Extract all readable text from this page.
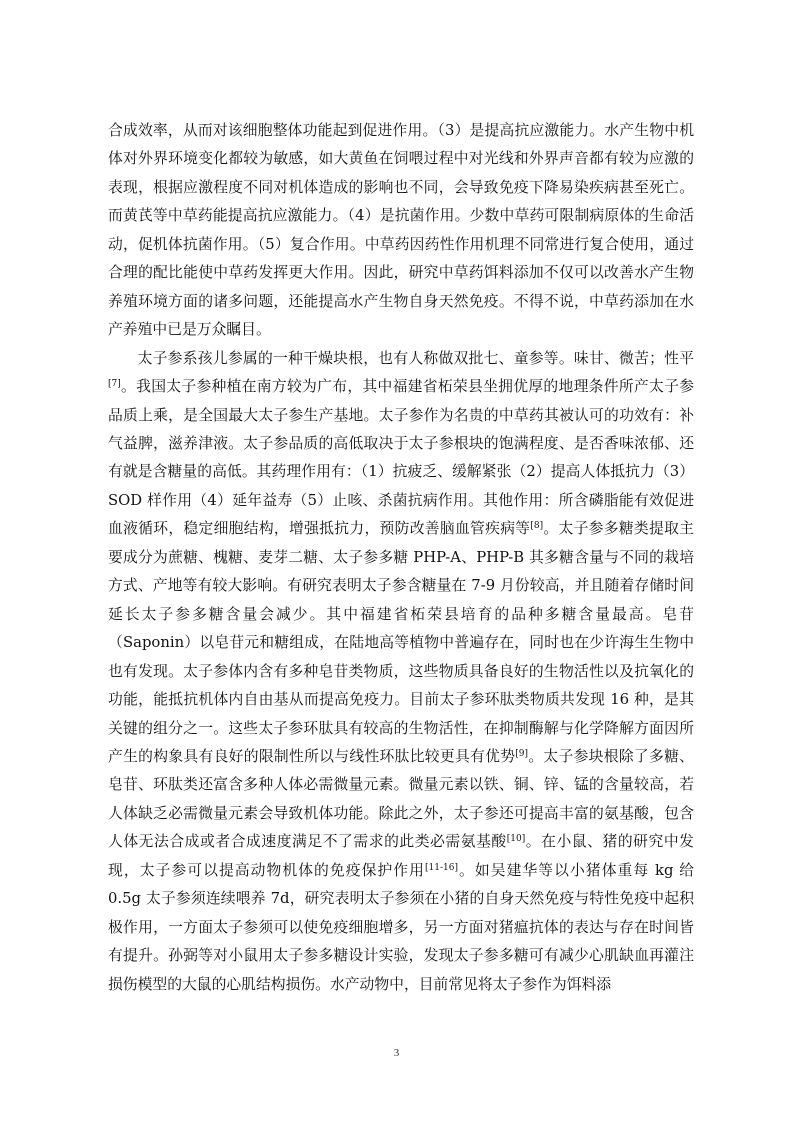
合成效率，从而对该细胞整体功能起到促进作用。（3）是提高抗应激能力。水产生物中机体对外界环境变化都较为敏感，如大黄鱼在饲喂过程中对光线和外界声音都有较为应激的表现，根据应激程度不同对机体造成的影响也不同，会导致免疫下降易染疾病甚至死亡。而黄芪等中草药能提高抗应激能力。（4）是抗菌作用。少数中草药可限制病原体的生命活动，促机体抗菌作用。（5）复合作用。中草药因药性作用机理不同常进行复合使用，通过合理的配比能使中草药发挥更大作用。因此，研究中草药饵料添加不仅可以改善水产生物养殖环境方面的诸多问题，还能提高水产生物自身天然免疫。不得不说，中草药添加在水产养殖中已是万众瞩目。

太子参系孩儿参属的一种干燥块根，也有人称做双批七、童参等。味甘、微苦；性平[7]。我国太子参种植在南方较为广布，其中福建省柘荣县坐拥优厚的地理条件所产太子参品质上乘，是全国最大太子参生产基地。太子参作为名贵的中草药其被认可的功效有：补气益脾，滋养津液。太子参品质的高低取决于太子参根块的饱满程度、是否香味浓郁、还有就是含糖量的高低。其药理作用有：（1）抗疲乏、缓解紧张（2）提高人体抵抗力（3）SOD 样作用（4）延年益寿（5）止咳、杀菌抗病作用。其他作用：所含磷脂能有效促进血液循环，稳定细胞结构，增强抵抗力，预防改善脑血管疾病等[8]。太子参多糖类提取主要成分为蔗糖、槐糖、麦芽二糖、太子参多糖 PHP-A、PHP-B 其多糖含量与不同的栽培方式、产地等有较大影响。有研究表明太子参含糖量在 7-9 月份较高，并且随着存储时间延长太子参多糖含量会减少。其中福建省柘荣县培育的品种多糖含量最高。皂苷（Saponin）以皂苷元和糖组成，在陆地高等植物中普遍存在，同时也在少许海生生物中也有发现。太子参体内含有多种皂苷类物质，这些物质具备良好的生物活性以及抗氧化的功能，能抵抗机体内自由基从而提高免疫力。目前太子参环肽类物质共发现 16 种，是其关键的组分之一。这些太子参环肽具有较高的生物活性，在抑制酶解与化学降解方面因所产生的构象具有良好的限制性所以与线性环肽比较更具有优势[9]。太子参块根除了多糖、皂苷、环肽类还富含多种人体必需微量元素。微量元素以铁、铜、锌、锰的含量较高，若人体缺乏必需微量元素会导致机体功能。除此之外，太子参还可提高丰富的氨基酸，包含人体无法合成或者合成速度满足不了需求的此类必需氨基酸[10]。在小鼠、猪的研究中发现，太子参可以提高动物机体的免疫保护作用[11-16]。如吴建华等以小猪体重每 kg 给 0.5g 太子参须连续喂养 7d，研究表明太子参须在小猪的自身天然免疫与特性免疫中起积极作用，一方面太子参须可以使免疫细胞增多，另一方面对猪瘟抗体的表达与存在时间皆有提升。孙弼等对小鼠用太子参多糖设计实验，发现太子参多糖可有减少心肌缺血再灌注损伤模型的大鼠的心肌结构损伤。水产动物中，目前常见将太子参作为饵料添

3
